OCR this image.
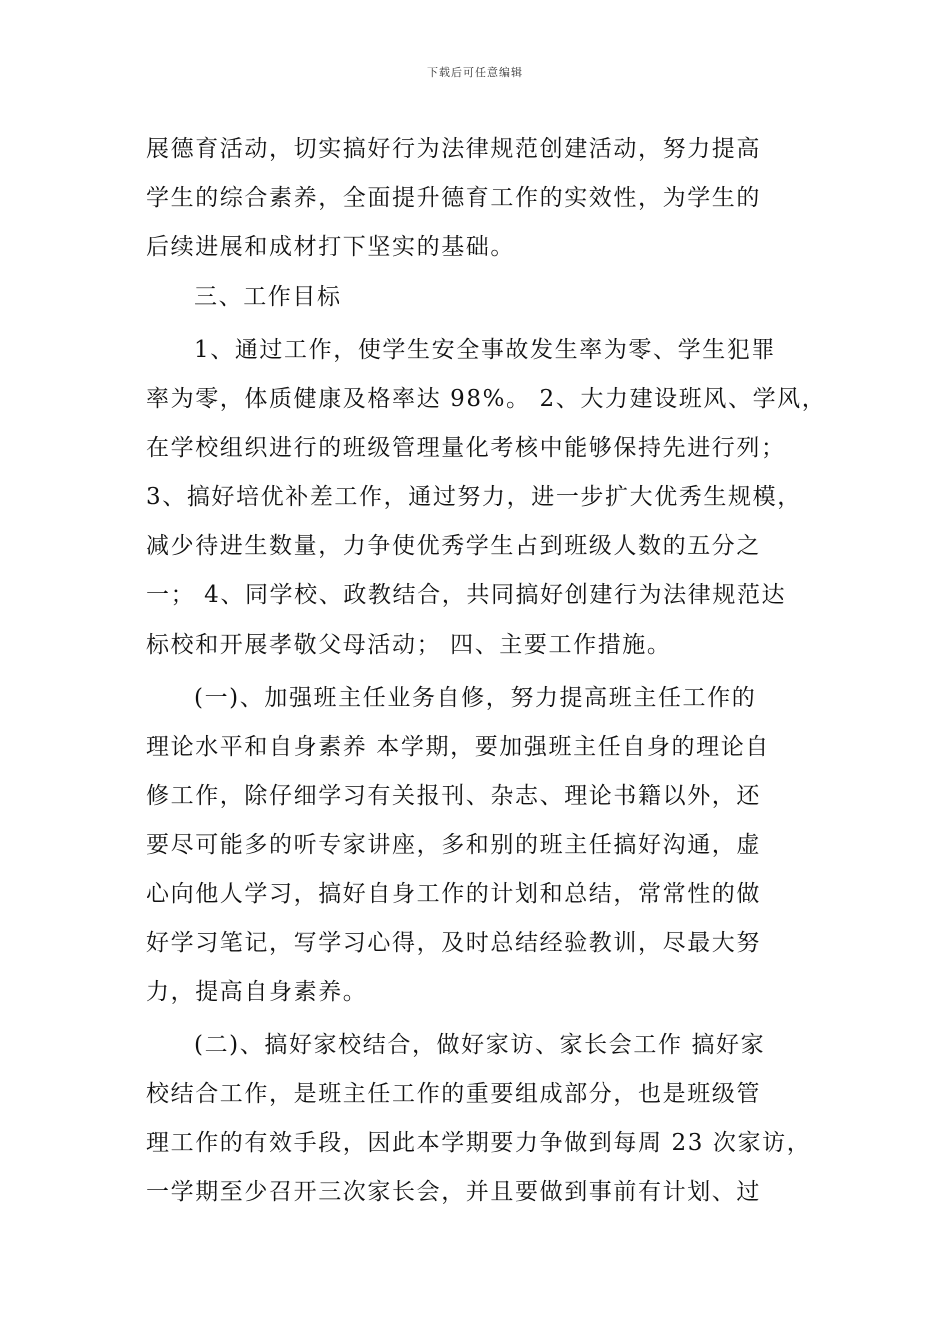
下载后可任意编辑
展德育活动，切实搞好行为法律规范创建活动，努力提高
学生的综合素养，全面提升德育工作的实效性，为学生的
后续进展和成材打下坚实的基础。
三、工作目标
1、通过工作，使学生安全事故发生率为零、学生犯罪
率为零，体质健康及格率达 98%。 2、大力建设班风、学风，
在学校组织进行的班级管理量化考核中能够保持先进行列；
3、搞好培优补差工作，通过努力，进一步扩大优秀生规模，
减少待进生数量，力争使优秀学生占到班级人数的五分之
一； 4、同学校、政教结合，共同搞好创建行为法律规范达
标校和开展孝敬父母活动； 四、主要工作措施。
(一)、加强班主任业务自修，努力提高班主任工作的
理论水平和自身素养 本学期，要加强班主任自身的理论自
修工作，除仔细学习有关报刊、杂志、理论书籍以外，还
要尽可能多的听专家讲座，多和别的班主任搞好沟通，虚
心向他人学习，搞好自身工作的计划和总结，常常性的做
好学习笔记，写学习心得，及时总结经验教训，尽最大努
力，提高自身素养。
(二)、搞好家校结合，做好家访、家长会工作 搞好家
校结合工作，是班主任工作的重要组成部分，也是班级管
理工作的有效手段，因此本学期要力争做到每周 23 次家访，
一学期至少召开三次家长会，并且要做到事前有计划、过
